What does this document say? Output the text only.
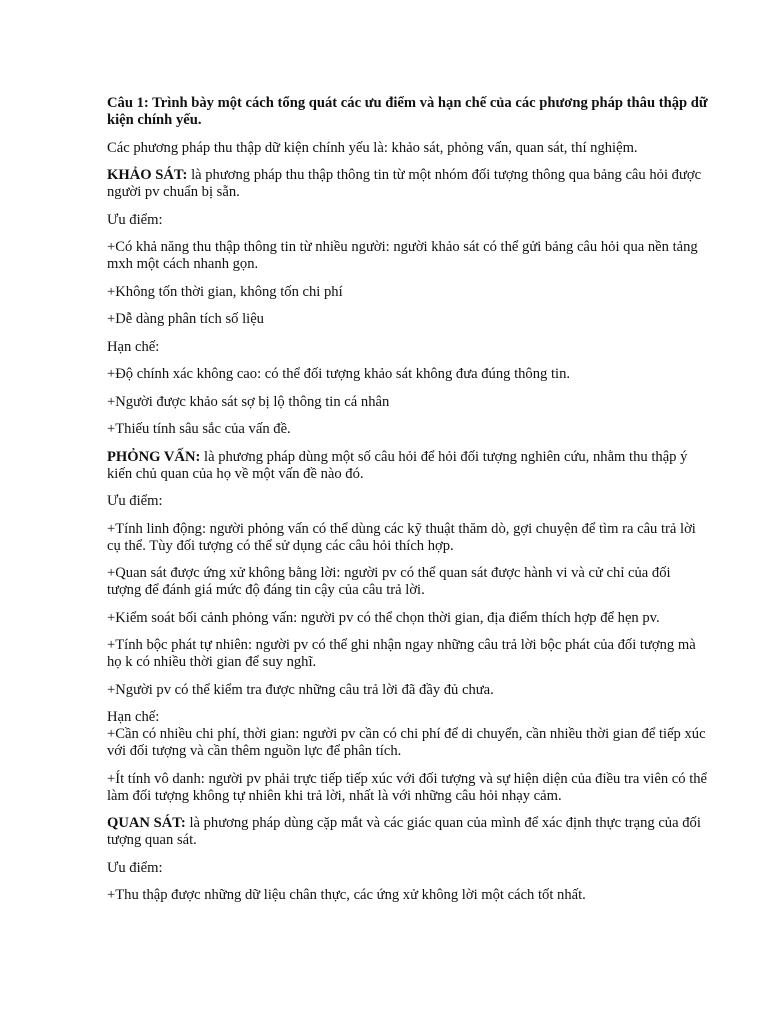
Câu 1: Trình bày một cách tổng quát các ưu điểm và hạn chế của các phương pháp thâu thập dữ kiện chính yếu.

Các phương pháp thu thập dữ kiện chính yếu là: khảo sát, phỏng vấn, quan sát, thí nghiệm.

KHẢO SÁT: là phương pháp thu thập thông tin từ một nhóm đối tượng thông qua bảng câu hỏi được người pv chuẩn bị sẵn.

Ưu điểm:

+Có khả năng thu thập thông tin từ nhiều người: người khảo sát có thể gửi bảng câu hỏi qua nền tảng mxh một cách nhanh gọn.

+Không tốn thời gian, không tốn chi phí

+Dễ dàng phân tích số liệu

Hạn chế:

+Độ chính xác không cao: có thể đối tượng khảo sát không đưa đúng thông tin.

+Người được khảo sát sợ bị lộ thông tin cá nhân

+Thiếu tính sâu sắc của vấn đề.

PHỎNG VẤN: là phương pháp dùng một số câu hỏi để hỏi đối tượng nghiên cứu, nhằm thu thập ý kiến chủ quan của họ về một vấn đề nào đó.

Ưu điểm:

+Tính linh động: người phỏng vấn có thể dùng các kỹ thuật thăm dò, gợi chuyện để tìm ra câu trả lời cụ thể. Tùy đối tượng có thể sử dụng các câu hỏi thích hợp.

+Quan sát được ứng xử không bằng lời: người pv có thể quan sát được hành vi và cử chỉ của đối tượng để đánh giá mức độ đáng tin cậy của câu trả lời.

+Kiểm soát bối cảnh phỏng vấn: người pv có thể chọn thời gian, địa điểm thích hợp để hẹn pv.

+Tính bộc phát tự nhiên: người pv có thể ghi nhận ngay những câu trả lời bộc phát của đối tượng mà họ k có nhiều thời gian để suy nghĩ.

+Người pv có thể kiểm tra được những câu trả lời đã đầy đủ chưa.

Hạn chế:

+Cần có nhiều chi phí, thời gian: người pv cần có chi phí để di chuyển, cần nhiều thời gian để tiếp xúc với đối tượng và cần thêm nguồn lực để phân tích.

+Ít tính vô danh: người pv phải trực tiếp tiếp xúc với đối tượng và sự hiện diện của điều tra viên có thể làm đối tượng không tự nhiên khi trả lời, nhất là với những câu hỏi nhạy cảm.

QUAN SÁT: là phương pháp dùng cặp mắt và các giác quan của mình để xác định thực trạng của đối tượng quan sát.

Ưu điểm:

+Thu thập được những dữ liệu chân thực, các ứng xử không lời một cách tốt nhất.
